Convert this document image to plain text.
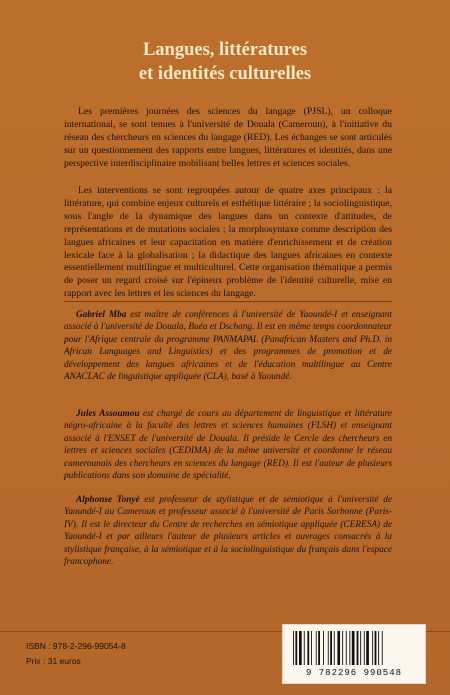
Langues, littératures
et identités culturelles

Les premières journées des sciences du langage (PJSL), un colloque international, se sont tenues à l'université de Douala (Cameroun), à l'initiative du réseau des chercheurs en sciences du langage (RED). Les échanges se sont articulés sur un questionnement des rapports entre langues, littératures et identités, dans une perspective interdisciplinaire mobilisant belles lettres et sciences sociales.

Les interventions se sont regroupées autour de quatre axes principaux : la littérature, qui combine enjeux culturels et esthétique littéraire ; la sociolinguistique, sous l'angle de la dynamique des langues dans un contexte d'attitudes, de représentations et de mutations sociales ; la morphosyntaxe comme description des langues africaines et leur capacitation en matière d'enrichissement et de création lexicale face à la globalisation ; la didactique des langues africaines en contexte essentiellement multilingue et multiculturel. Cette organisation thématique a permis de poser un regard croisé sur l'épineux problème de l'identité culturelle, mise en rapport avec les lettres et les sciences du langage.

Gabriel Mba est maître de conférences à l'université de Yaoundé-I et enseignant associé à l'université de Douala, Buéa et Dschang. Il est en même temps coordonnateur pour l'Afrique centrale du programme PANMAPAL (Panafrican Masters and Ph.D. in African Languages and Linguistics) et des programmes de promotion et de développement des langues africaines et de l'éducation multilingue au Centre ANACLAC de linguistique appliquée (CLA), basé à Yaoundé.

Jules Assoumou est chargé de cours au département de linguistique et littérature négro-africaine à la faculté des lettres et sciences humaines (FLSH) et enseignant associé à l'ENSET de l'université de Douala. Il préside le Cercle des chercheurs en lettres et sciences sociales (CEDIMA) de la même université et coordonne le réseau camerounais des chercheurs en sciences du langage (RED). Il est l'auteur de plusieurs publications dans son domaine de spécialité.

Alphonse Tonyè est professeur de stylistique et de sémiotique à l'université de Yaoundé-I au Cameroun et professeur associé à l'université de Paris Sorbonne (Paris-IV). Il est le directeur du Centre de recherches en sémiotique appliquée (CERESA) de Yaoundé-I et par ailleurs l'auteur de plusieurs articles et ouvrages consacrés à la stylistique française, à la sémiotique et à la sociolinguistique du français dans l'espace francophone.

ISBN : 978-2-296-99054-8
Prix : 31 euros
9 782296 990548
